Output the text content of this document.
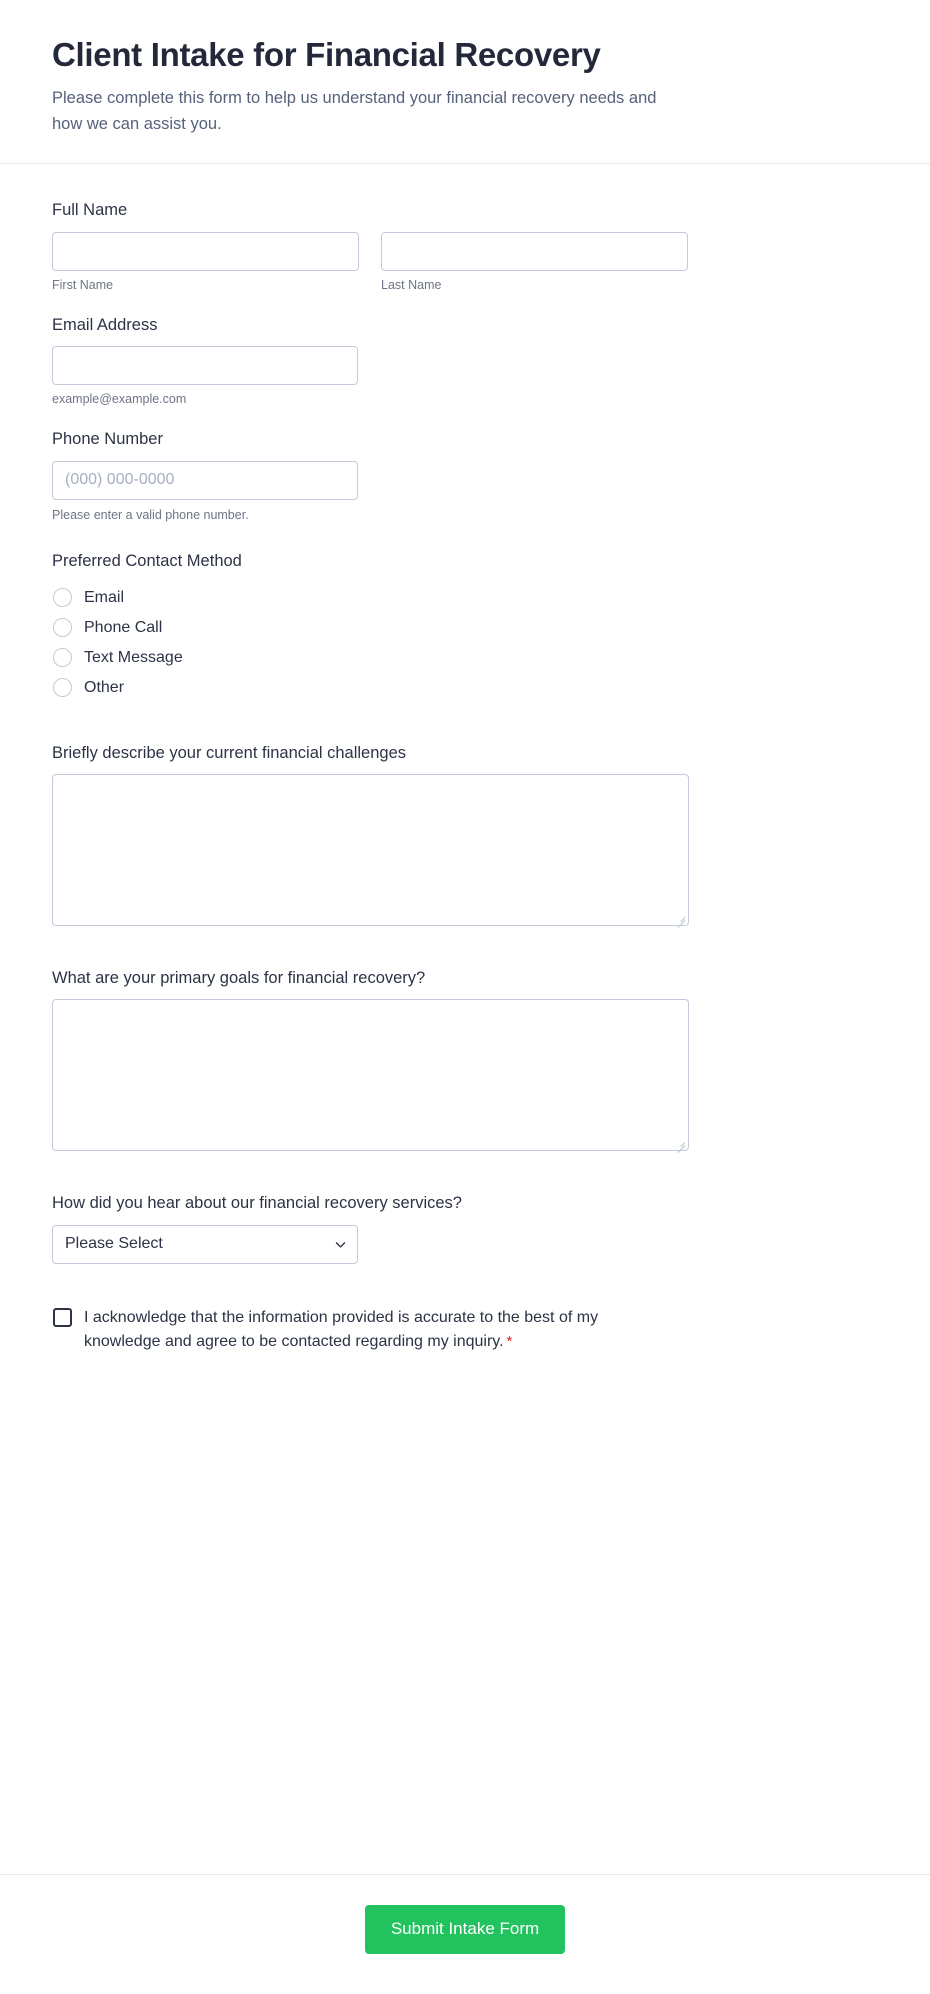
Client Intake for Financial Recovery

Please complete this form to help us understand your financial recovery needs and how we can assist you.

Full Name
First Name	Last Name
Email Address
example@example.com
Phone Number
(000) 000-0000
Please enter a valid phone number.
Preferred Contact Method
Email
Phone Call
Text Message
Other
Briefly describe your current financial challenges
What are your primary goals for financial recovery?
How did you hear about our financial recovery services?
Please Select
I acknowledge that the information provided is accurate to the best of my knowledge and agree to be contacted regarding my inquiry. *
Submit Intake Form
